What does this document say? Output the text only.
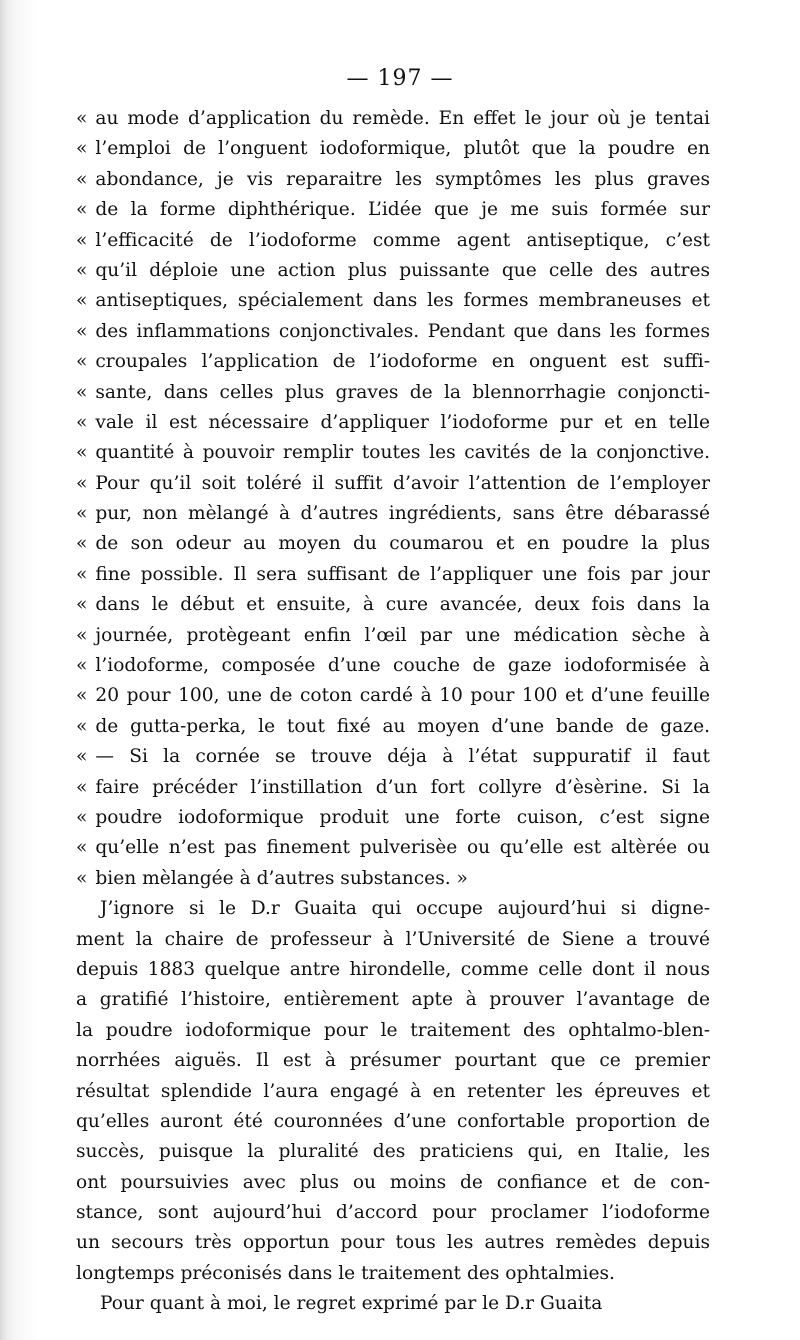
— 197 —
« au mode d’application du remède. En effet le jour où je tentai
« l’emploi de l’onguent iodoformique, plutôt que la poudre en
« abondance, je vis reparaitre les symptômes les plus graves
« de la forme diphthérique. L’idée que je me suis formée sur
« l’efficacité de l’iodoforme comme agent antiseptique, c’est
« qu’il déploie une action plus puissante que celle des autres
« antiseptiques, spécialement dans les formes membraneuses et
« des inflammations conjonctivales. Pendant que dans les formes
« croupales l’application de l’iodoforme en onguent est suffi-
« sante, dans celles plus graves de la blennorrhagie conjoncti-
« vale il est nécessaire d’appliquer l’iodoforme pur et en telle
« quantité à pouvoir remplir toutes les cavités de la conjonctive.
« Pour qu’il soit toléré il suffit d’avoir l’attention de l’employer
« pur, non mèlangé à d’autres ingrédients, sans être débarassé
« de son odeur au moyen du coumarou et en poudre la plus
« fine possible. Il sera suffisant de l’appliquer une fois par jour
« dans le début et ensuite, à cure avancée, deux fois dans la
« journée, protègeant enfin l’œil par une médication sèche à
« l’iodoforme, composée d’une couche de gaze iodoformisée à
« 20 pour 100, une de coton cardé à 10 pour 100 et d’une feuille
« de gutta-perka, le tout fixé au moyen d’une bande de gaze.
« — Si la cornée se trouve déja à l’état suppuratif il faut
« faire précéder l’instillation d’un fort collyre d’èsèrine. Si la
« poudre iodoformique produit une forte cuison, c’est signe
« qu’elle n’est pas finement pulverisèe ou qu’elle est altèrée ou
« bien mèlangée à d’autres substances. »
J’ignore si le D.r Guaita qui occupe aujourd’hui si digne-
ment la chaire de professeur à l’Université de Siene a trouvé
depuis 1883 quelque antre hirondelle, comme celle dont il nous
a gratifié l’histoire, entièrement apte à prouver l’avantage de
la poudre iodoformique pour le traitement des ophtalmo-blen-
norrhées aiguës. Il est à présumer pourtant que ce premier
résultat splendide l’aura engagé à en retenter les épreuves et
qu’elles auront été couronnées d’une confortable proportion de
succès, puisque la pluralité des praticiens qui, en Italie, les
ont poursuivies avec plus ou moins de confiance et de con-
stance, sont aujourd’hui d’accord pour proclamer l’iodoforme
un secours très opportun pour tous les autres remèdes depuis
longtemps préconisés dans le traitement des ophtalmies.
Pour quant à moi, le regret exprimé par le D.r Guaita
